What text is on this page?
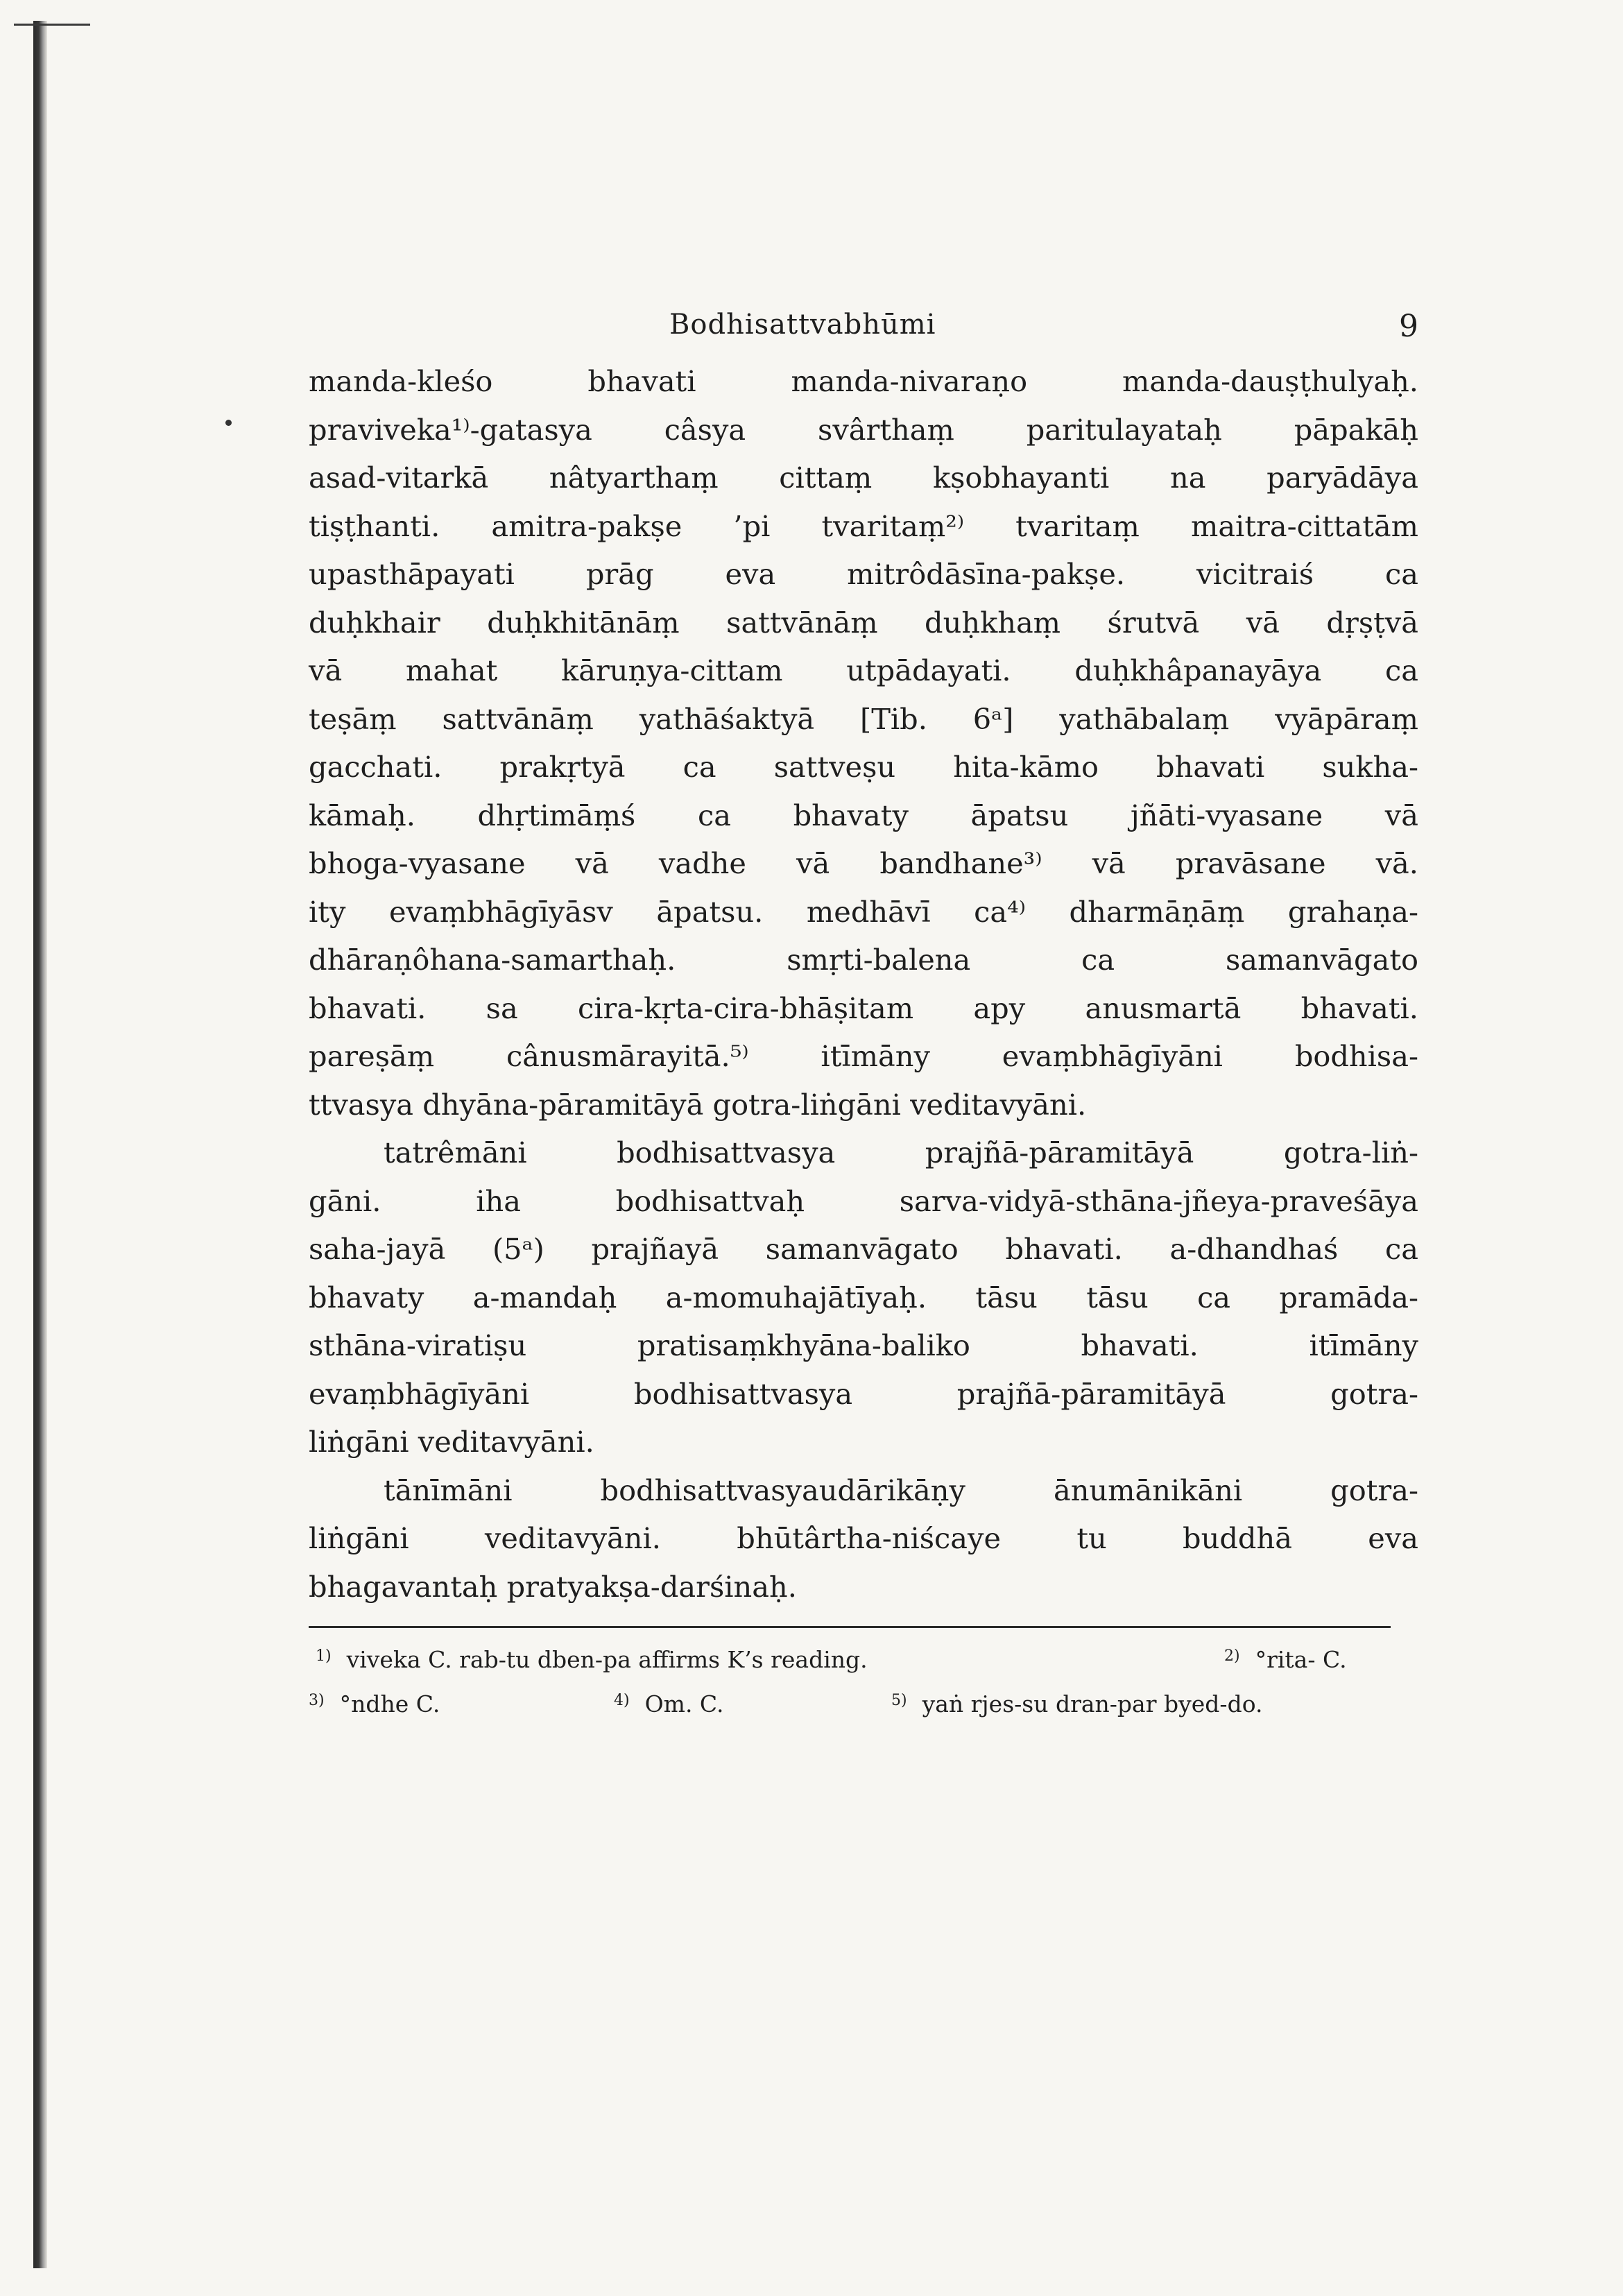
Bodhisattvabhūmi	9
manda-kleśo bhavati manda-nivaraṇo manda-dauṣṭhulyaḥ.
praviveka¹⁾-gatasya câsya svârthaṃ paritulayataḥ pāpakāḥ
asad-vitarkā nâtyarthaṃ cittaṃ kṣobhayanti na paryādāya
tiṣṭhanti. amitra-pakṣe ’pi tvaritaṃ²⁾ tvaritaṃ maitra-cittatām
upasthāpayati prāg eva mitrôdāsīna-pakṣe. vicitraiś ca
duḥkhair duḥkhitānāṃ sattvānāṃ duḥkhaṃ śrutvā vā dṛṣṭvā
vā mahat kāruṇya-cittam utpādayati. duḥkhâpanayāya ca
teṣāṃ sattvānāṃ yathāśaktyā [Tib. 6ᵃ] yathābalaṃ vyāpāraṃ
gacchati. prakṛtyā ca sattveṣu hita-kāmo bhavati sukha-
kāmaḥ. dhṛtimāṃś ca bhavaty āpatsu jñāti-vyasane vā
bhoga-vyasane vā vadhe vā bandhane³⁾ vā pravāsane vā.
ity evaṃbhāgīyāsv āpatsu. medhāvī ca⁴⁾ dharmāṇāṃ grahaṇa-
dhāraṇôhana-samarthaḥ. smṛti-balena ca samanvāgato
bhavati. sa cira-kṛta-cira-bhāṣitam apy anusmartā bhavati.
pareṣāṃ cânusmārayitā.⁵⁾ itīmāny evaṃbhāgīyāni bodhisa-
ttvasya dhyāna-pāramitāyā gotra-liṅgāni veditavyāni.
tatrêmāni bodhisattvasya prajñā-pāramitāyā gotra-liṅ-
gāni. iha bodhisattvaḥ sarva-vidyā-sthāna-jñeya-praveśāya
saha-jayā (5ᵃ) prajñayā samanvāgato bhavati. a-dhandhaś ca
bhavaty a-mandaḥ a-momuhajātīyaḥ. tāsu tāsu ca pramāda-
sthāna-viratiṣu pratisaṃkhyāna-baliko bhavati. itīmāny
evaṃbhāgīyāni bodhisattvasya prajñā-pāramitāyā gotra-
liṅgāni veditavyāni.
tānīmāni bodhisattvasyaudārikāṇy ānumānikāni gotra-
liṅgāni veditavyāni. bhūtârtha-niścaye tu buddhā eva
bhagavantaḥ pratyakṣa-darśinaḥ.
$^{1)}$ viveka C. rab-tu dben-pa affirms K’s reading.	$^{2)}$ °rita- C.
$^{3)}$ °ndhe C.	$^{4)}$ Om. C.	$^{5)}$ yaṅ rjes-su dran-par byed-do.
